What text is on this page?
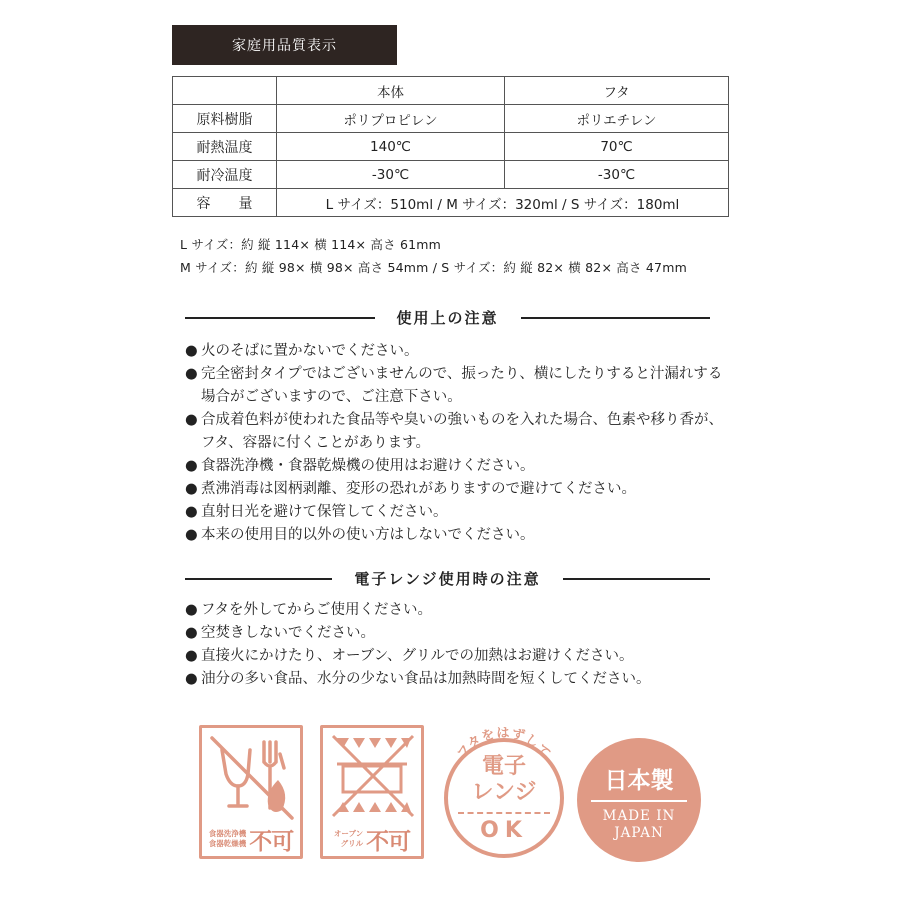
家庭用品質表示
	本体	フタ
原料樹脂	ポリプロピレン	ポリエチレン
耐熱温度	140℃	70℃
耐冷温度	-30℃	-30℃
容　　量	L サイズ：510ml / M サイズ：320ml / S サイズ：180ml	
L サイズ：約 縦 114× 横 114× 高さ 61mm
M サイズ：約 縦 98× 横 98× 高さ 54mm / S サイズ：約 縦 82× 横 82× 高さ 47mm
使用上の注意
● 火のそばに置かないでください。
● 完全密封タイプではございませんので、振ったり、横にしたりすると汁漏れする場合がございますので、ご注意下さい。
● 合成着色料が使われた食品等や臭いの強いものを入れた場合、色素や移り香が、フタ、容器に付くことがあります。
● 食器洗浄機・食器乾燥機の使用はお避けください。
● 煮沸消毒は図柄剥離、変形の恐れがありますので避けてください。
● 直射日光を避けて保管してください。
● 本来の使用目的以外の使い方はしないでください。
電子レンジ使用時の注意
● フタを外してからご使用ください。
● 空焚きしないでください。
● 直接火にかけたり、オーブン、グリルでの加熱はお避けください。
● 油分の多い食品、水分の少ない食品は加熱時間を短くしてください。
食器洗浄機
食器乾燥機 不可	オーブン
グリル 不可
フタをはずして
電子
レンジ
OK
日本製
MADE IN
JAPAN
